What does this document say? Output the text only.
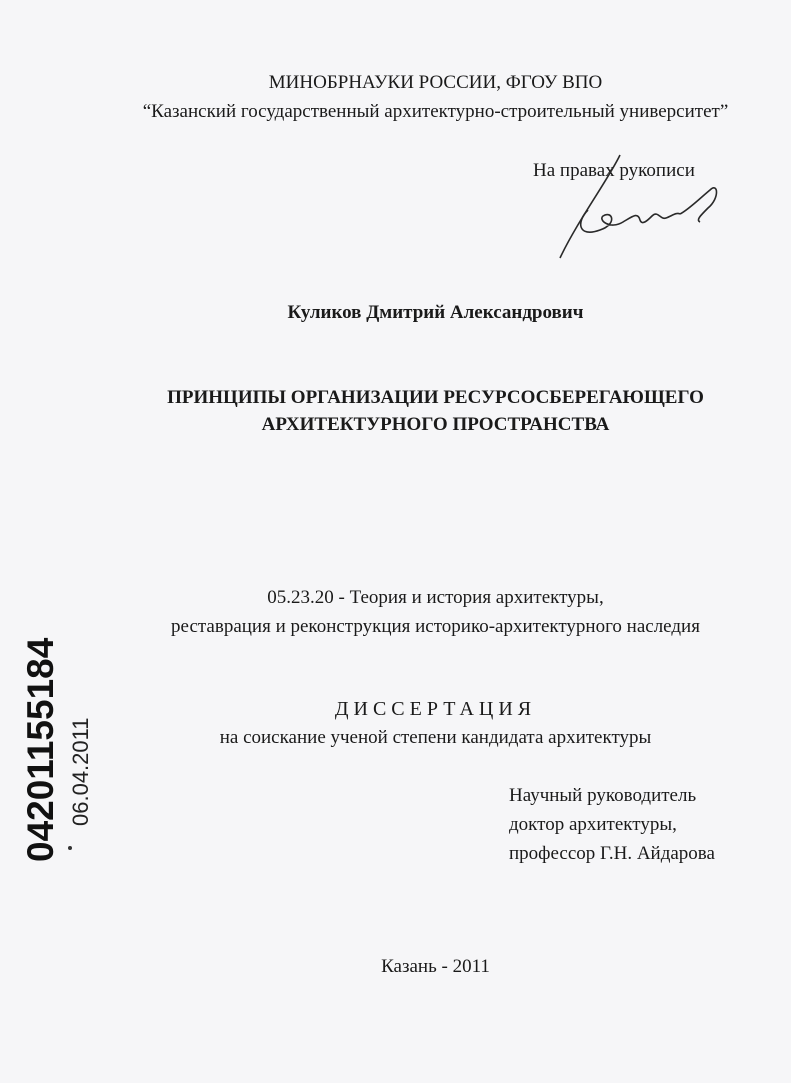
МИНОБРНАУКИ РОССИИ, ФГОУ ВПО
“Казанский государственный архитектурно-строительный университет”
На правах рукописи
Куликов Дмитрий Александрович
ПРИНЦИПЫ ОРГАНИЗАЦИИ РЕСУРСОСБЕРЕГАЮЩЕГО
АРХИТЕКТУРНОГО ПРОСТРАНСТВА
05.23.20 - Теория и история архитектуры,
реставрация и реконструкция историко-архитектурного наследия
ДИССЕРТАЦИЯ
на соискание ученой степени кандидата архитектуры
Научный руководитель
доктор архитектуры,
профессор Г.Н. Айдарова
Казань - 2011
04201155184 06.04.2011
